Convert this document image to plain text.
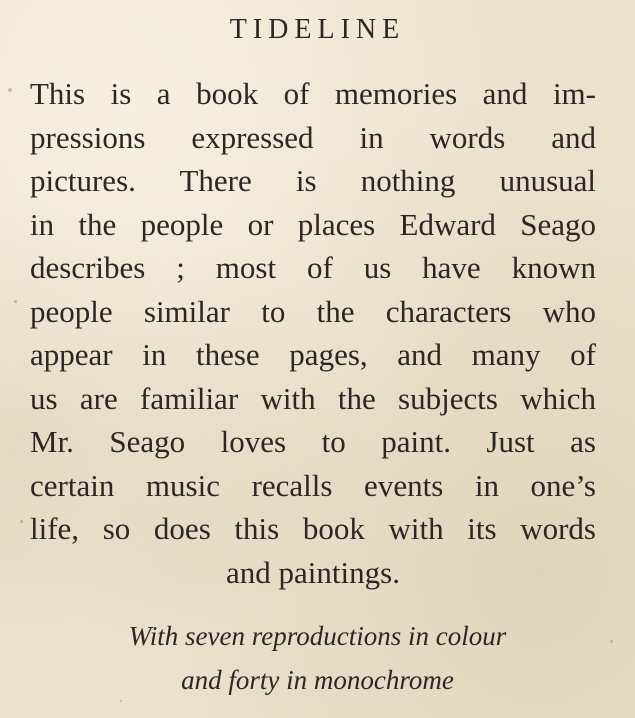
TIDELINE
This is a book of memories and im-
pressions expressed in words and
pictures. There is nothing unusual
in the people or places Edward Seago
describes ; most of us have known
people similar to the characters who
appear in these pages, and many of
us are familiar with the subjects which
Mr. Seago loves to paint. Just as
certain music recalls events in one’s
life, so does this book with its words
and paintings.
With seven reproductions in colour
and forty in monochrome
